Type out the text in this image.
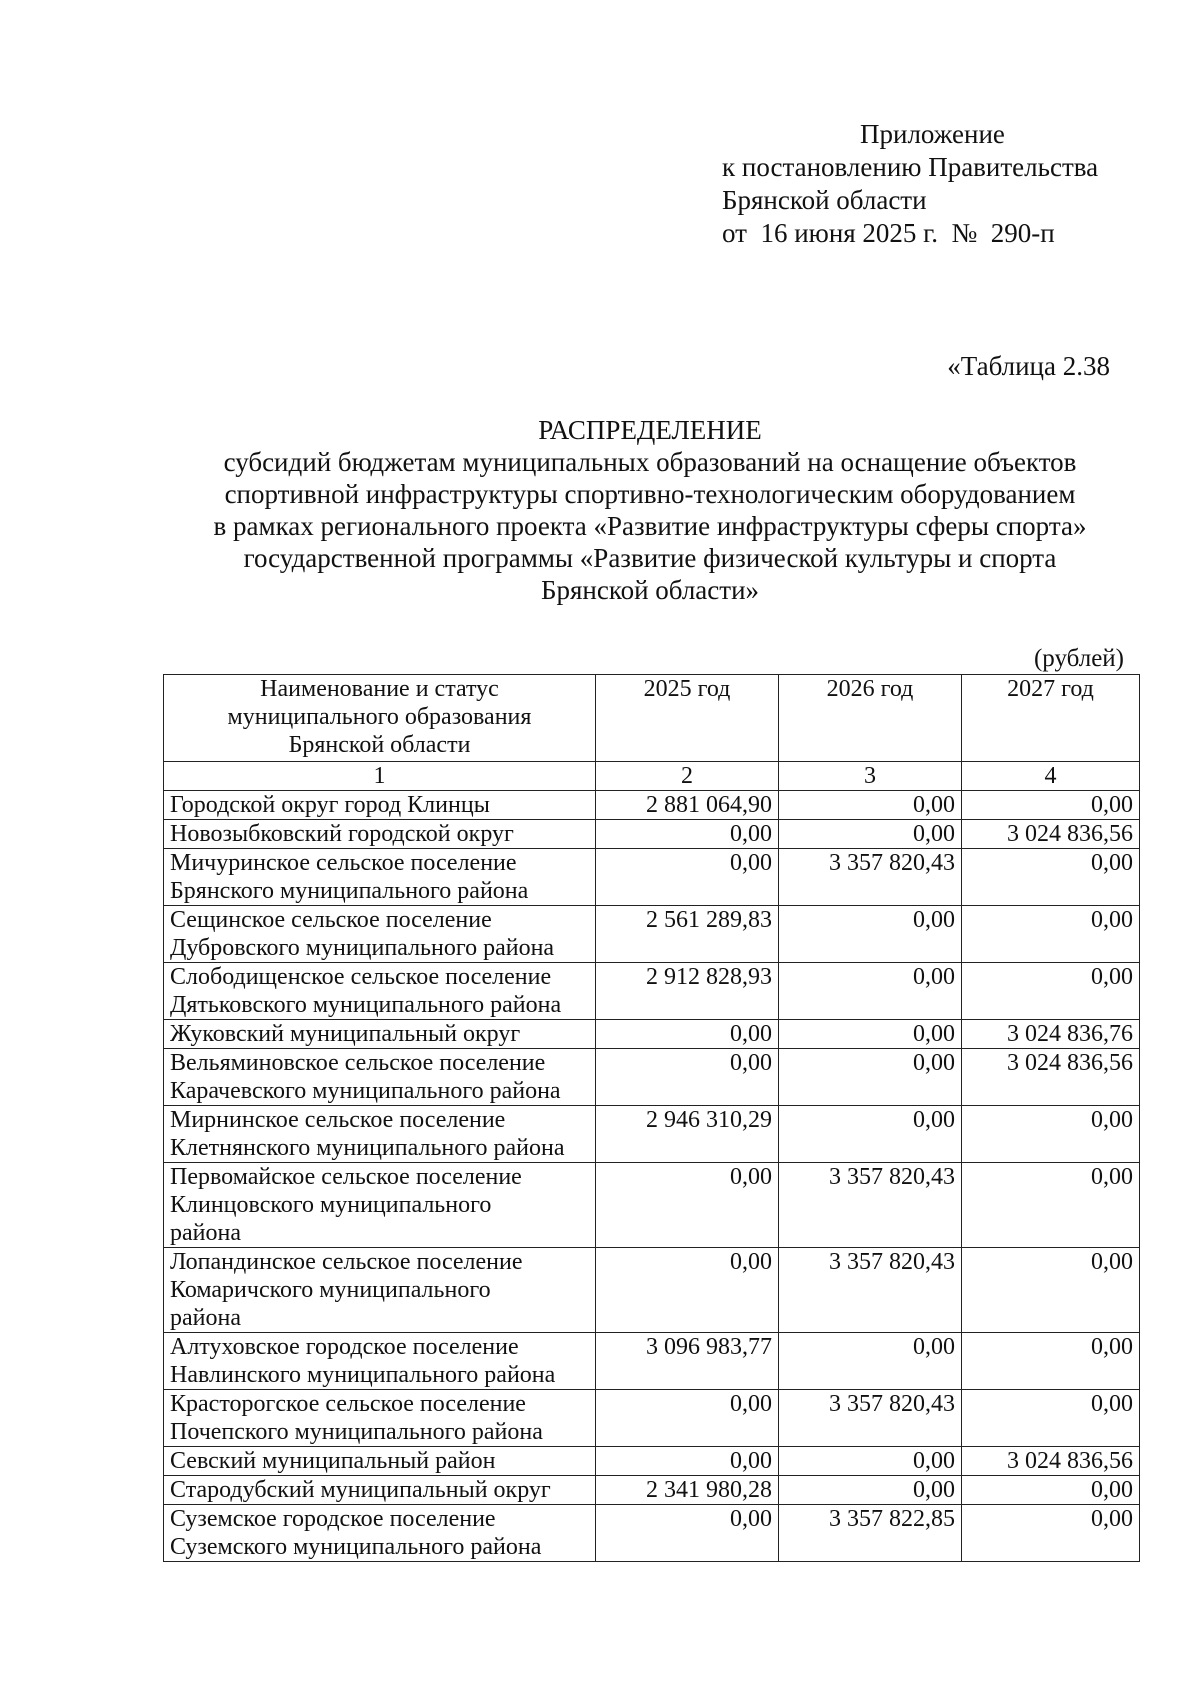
Приложение
к постановлению Правительства
Брянской области
от  16 июня 2025 г.  №  290-п
«Таблица 2.38
РАСПРЕДЕЛЕНИЕ
субсидий бюджетам муниципальных образований на оснащение объектов
спортивной инфраструктуры спортивно-технологическим оборудованием
в рамках регионального проекта «Развитие инфраструктуры сферы спорта»
государственной программы «Развитие физической культуры и спорта
Брянской области»
(рублей)
Наименование и статус
муниципального образования
Брянской области	2025 год	2026 год	2027 год
1	2	3	4

Городской округ город Клинцы	2 881 064,90	0,00	0,00

Новозыбковский городской округ	0,00	0,00	3 024 836,56

Мичуринское сельское поселение
Брянского муниципального района	0,00	3 357 820,43	0,00

Сещинское сельское поселение
Дубровского муниципального района	2 561 289,83	0,00	0,00

Слободищенское сельское поселение
Дятьковского муниципального района	2 912 828,93	0,00	0,00

Жуковский муниципальный округ	0,00	0,00	3 024 836,76

Вельяминовское сельское поселение
Карачевского муниципального района	0,00	0,00	3 024 836,56

Мирнинское сельское поселение
Клетнянского муниципального района	2 946 310,29	0,00	0,00

Первомайское сельское поселение
Клинцовского муниципального
района	0,00	3 357 820,43	0,00

Лопандинское сельское поселение
Комаричского муниципального
района	0,00	3 357 820,43	0,00

Алтуховское городское поселение
Навлинского муниципального района	3 096 983,77	0,00	0,00

Красторогское сельское поселение
Почепского муниципального района	0,00	3 357 820,43	0,00

Севский муниципальный район	0,00	0,00	3 024 836,56

Стародубский муниципальный округ	2 341 980,28	0,00	0,00

Суземское городское поселение
Суземского муниципального района	0,00	3 357 822,85	0,00
